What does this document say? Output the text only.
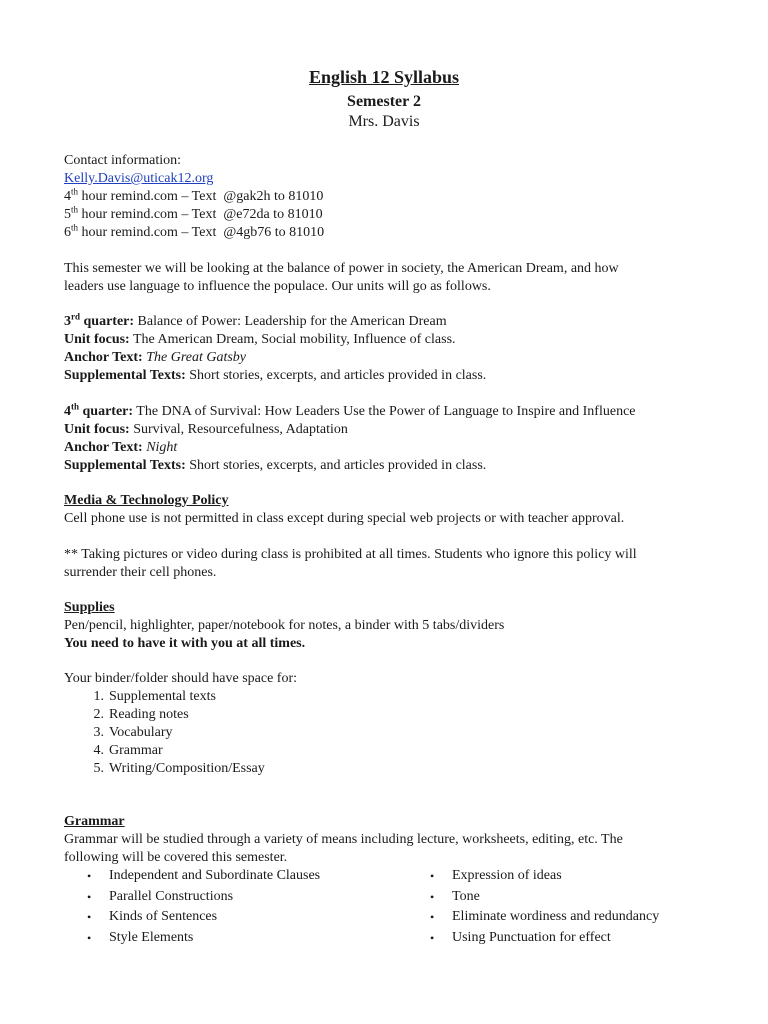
English 12 Syllabus
Semester 2
Mrs. Davis
Contact information:
Kelly.Davis@uticak12.org
4th hour remind.com – Text  @gak2h to 81010
5th hour remind.com – Text  @e72da to 81010
6th hour remind.com – Text  @4gb76 to 81010
This semester we will be looking at the balance of power in society, the American Dream, and how
leaders use language to influence the populace. Our units will go as follows.
3rd quarter: Balance of Power: Leadership for the American Dream
Unit focus: The American Dream, Social mobility, Influence of class.
Anchor Text: The Great Gatsby
Supplemental Texts: Short stories, excerpts, and articles provided in class.
4th quarter: The DNA of Survival: How Leaders Use the Power of Language to Inspire and Influence
Unit focus: Survival, Resourcefulness, Adaptation
Anchor Text: Night
Supplemental Texts: Short stories, excerpts, and articles provided in class.
Media & Technology Policy
Cell phone use is not permitted in class except during special web projects or with teacher approval.
** Taking pictures or video during class is prohibited at all times. Students who ignore this policy will
surrender their cell phones.
Supplies
Pen/pencil, highlighter, paper/notebook for notes, a binder with 5 tabs/dividers
You need to have it with you at all times.
Your binder/folder should have space for:
1. Supplemental texts
2. Reading notes
3. Vocabulary
4. Grammar
5. Writing/Composition/Essay
Grammar
Grammar will be studied through a variety of means including lecture, worksheets, editing, etc. The
following will be covered this semester.
• Independent and Subordinate Clauses
• Parallel Constructions
• Kinds of Sentences
• Style Elements
• Expression of ideas
• Tone
• Eliminate wordiness and redundancy
• Using Punctuation for effect
